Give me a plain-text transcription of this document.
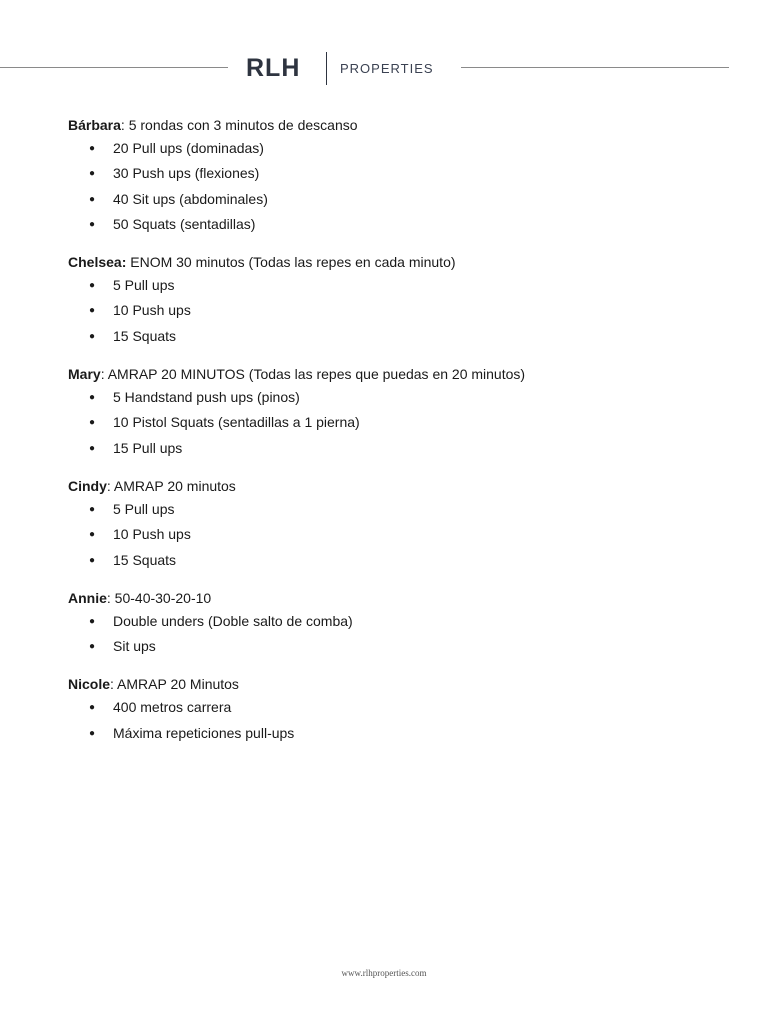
RLH	PROPERTIES

Bárbara: 5 rondas con 3 minutos de descanso

● 20 Pull ups (dominadas)
● 30 Push ups (flexiones)
● 40 Sit ups (abdominales)
● 50 Squats (sentadillas)

Chelsea: ENOM 30 minutos (Todas las repes en cada minuto)

● 5 Pull ups
● 10 Push ups
● 15 Squats

Mary: AMRAP 20 MINUTOS (Todas las repes que puedas en 20 minutos)

● 5 Handstand push ups (pinos)
● 10 Pistol Squats (sentadillas a 1 pierna)
● 15 Pull ups

Cindy: AMRAP 20 minutos

● 5 Pull ups
● 10 Push ups
● 15 Squats

Annie: 50-40-30-20-10

● Double unders (Doble salto de comba)
● Sit ups

Nicole: AMRAP 20 Minutos

● 400 metros carrera
● Máxima repeticiones pull-ups
www.rlhproperties.com
